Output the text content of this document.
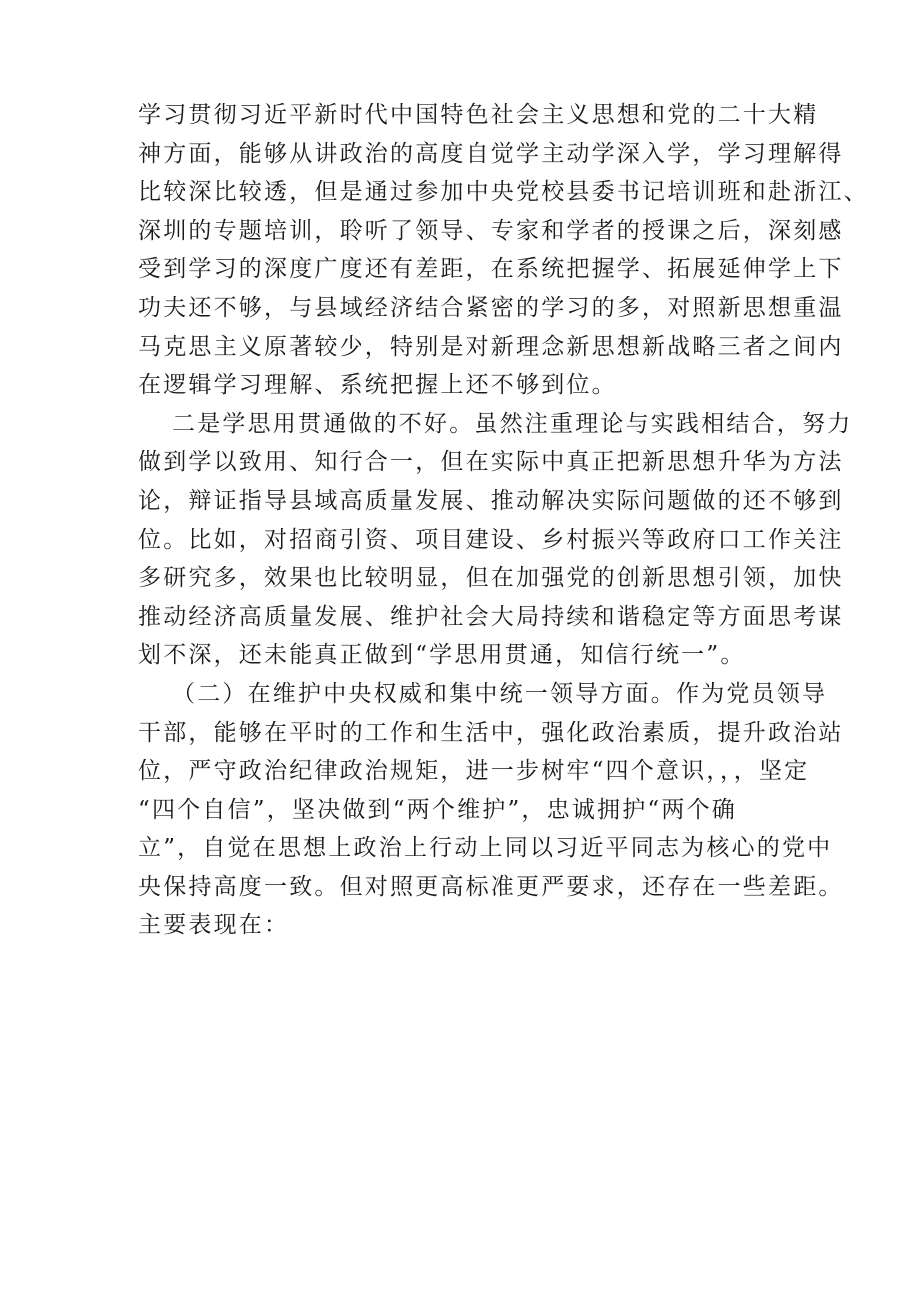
学习贯彻习近平新时代中国特色社会主义思想和党的二十大精
神方面，能够从讲政治的高度自觉学主动学深入学，学习理解得
比较深比较透，但是通过参加中央党校县委书记培训班和赴浙江、
深圳的专题培训，聆听了领导、专家和学者的授课之后，深刻感
受到学习的深度广度还有差距，在系统把握学、拓展延伸学上下
功夫还不够，与县域经济结合紧密的学习的多，对照新思想重温
马克思主义原著较少，特别是对新理念新思想新战略三者之间内
在逻辑学习理解、系统把握上还不够到位。
二是学思用贯通做的不好。虽然注重理论与实践相结合，努力
做到学以致用、知行合一，但在实际中真正把新思想升华为方法
论，辩证指导县域高质量发展、推动解决实际问题做的还不够到
位。比如，对招商引资、项目建设、乡村振兴等政府口工作关注
多研究多，效果也比较明显，但在加强党的创新思想引领，加快
推动经济高质量发展、维护社会大局持续和谐稳定等方面思考谋
划不深，还未能真正做到“学思用贯通，知信行统一”。
（二）在维护中央权威和集中统一领导方面。作为党员领导
干部，能够在平时的工作和生活中，强化政治素质，提升政治站
位，严守政治纪律政治规矩，进一步树牢“四个意识，，，坚定
“四个自信”，坚决做到“两个维护”，忠诚拥护“两个确
立”，自觉在思想上政治上行动上同以习近平同志为核心的党中
央保持高度一致。但对照更高标准更严要求，还存在一些差距。
主要表现在：
